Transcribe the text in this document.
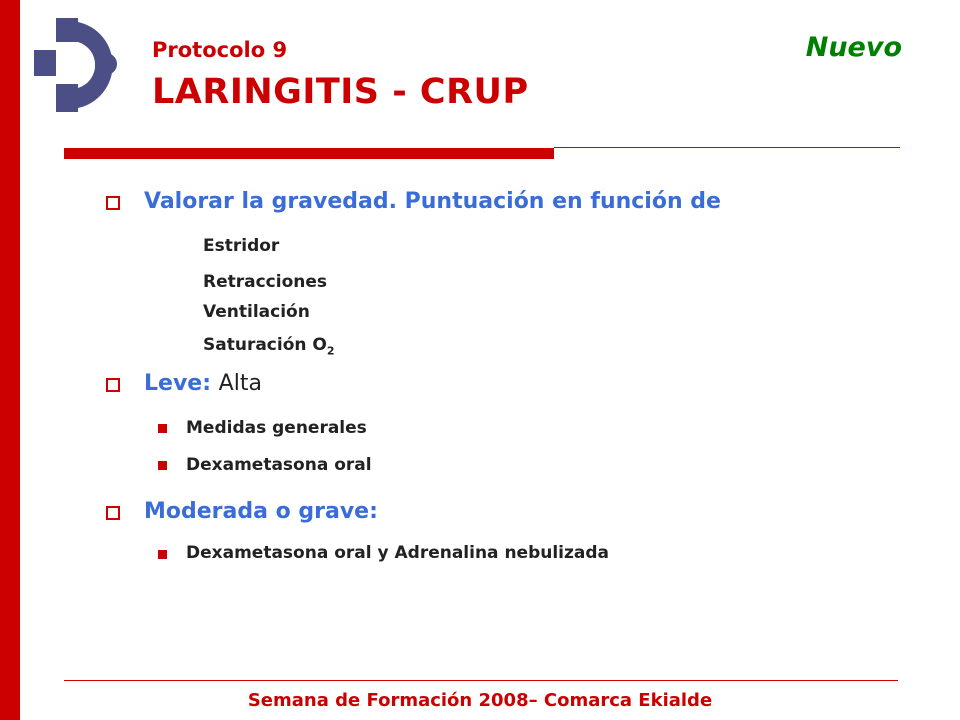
Protocolo 9
LARINGITIS - CRUP
Nuevo
Valorar la gravedad. Puntuación en función de
Estridor
Retracciones
Ventilación
Saturación $O_2$
Leve: Alta
Medidas generales
Dexametasona oral
Moderada o grave:
Dexametasona oral y Adrenalina nebulizada
Semana de Formación 2008– Comarca Ekialde
